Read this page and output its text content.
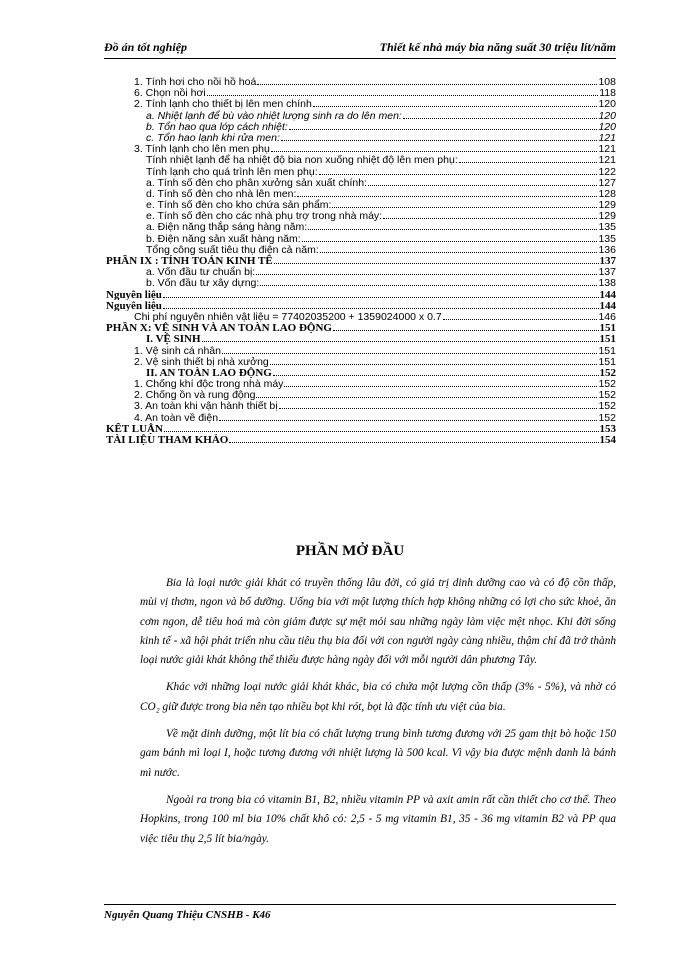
Đồ án tốt nghiệp	Thiết kế nhà máy bia năng suất 30 triệu lít/năm
1. Tính hơi cho nồi hồ hoá	108
6. Chọn nồi hơi	118
2. Tính lạnh cho thiết bị lên men chính	120
a. Nhiệt lạnh để bù vào nhiệt lượng sinh ra do lên men:	120
b. Tổn hao qua lớp cách nhiệt:	120
c. Tổn hao lạnh khi rửa men:	121
3. Tính lạnh cho lên men phụ	121
Tính nhiệt lạnh để hạ nhiệt độ bia non xuống nhiệt độ lên men phụ:	121
Tính lạnh cho quá trình lên men phụ:	122
a. Tính số đèn cho phân xưởng sản xuất chính:	127
d. Tính số đèn cho nhà lên men:	128
e. Tính số đèn cho kho chứa sản phẩm:	129
e. Tính số đèn cho các nhà phụ trợ trong nhà máy:	129
a. Điện năng thắp sáng hàng năm:	135
b. Điện năng sản xuất hàng năm:	135
Tổng công suất tiêu thụ điện cả năm:	136
PHẦN IX : TÍNH TOÁN KINH TẾ	137
a. Vốn đầu tư chuẩn bị:	137
b. Vốn đầu tư xây dựng:	138
Nguyên liệu	144
Nguyên liệu	144
Chi phí nguyên nhiên vật liệu = 77402035200 + 1359024000 x 0.7	146
PHẦN X: VỆ SINH VÀ AN TOÀN LAO ĐỘNG	151
I. VỆ SINH	151
1. Vệ sinh cá nhân	151
2. Vệ sinh thiết bị nhà xưởng	151
II. AN TOÀN LAO ĐỘNG	152
1. Chống khí độc trong nhà máy	152
2. Chống ồn và rung động	152
3. An toàn khi vận hành thiết bị	152
4. An toàn về điện	152
KẾT LUẬN	153
TÀI LIỆU THAM KHẢO	154
PHẦN MỞ ĐẦU

Bia là loại nước giải khát có truyền thống lâu đời, có giá trị dinh dưỡng cao và có độ cồn thấp, mùi vị thơm, ngon và bổ dưỡng. Uống bia với một lượng thích hợp không những có lợi cho sức khoẻ, ăn cơm ngon, dễ tiêu hoá mà còn giảm được sự mệt mỏi sau những ngày làm việc mệt nhọc. Khi đời sống kinh tế - xã hội phát triển nhu cầu tiêu thụ bia đối với con người ngày càng nhiều, thậm chí đã trở thành loại nước giải khát không thể thiếu được hàng ngày đối với mỗi người dân phương Tây.

Khác với những loại nước giải khát khác, bia có chứa một lượng cồn thấp (3% - 5%), và nhờ có CO₂ giữ được trong bia nên tạo nhiều bọt khi rót, bọt là đặc tính ưu việt của bia.

Về mặt dinh dưỡng, một lít bia có chất lượng trung bình tương đương với 25 gam thịt bò hoặc 150 gam bánh mì loại I, hoặc tương đương với nhiệt lượng là 500 kcal. Vì vậy bia được mệnh danh là bánh mì nước.

Ngoài ra trong bia có vitamin B1, B2, nhiều vitamin PP và axit amin rất cần thiết cho cơ thể. Theo Hopkins, trong 100 ml bia 10% chất khô có: 2,5 - 5 mg vitamin B1, 35 - 36 mg vitamin B2 và PP qua việc tiêu thụ 2,5 lít bia/ngày.

Nguyễn Quang Thiệu CNSHB - K46
